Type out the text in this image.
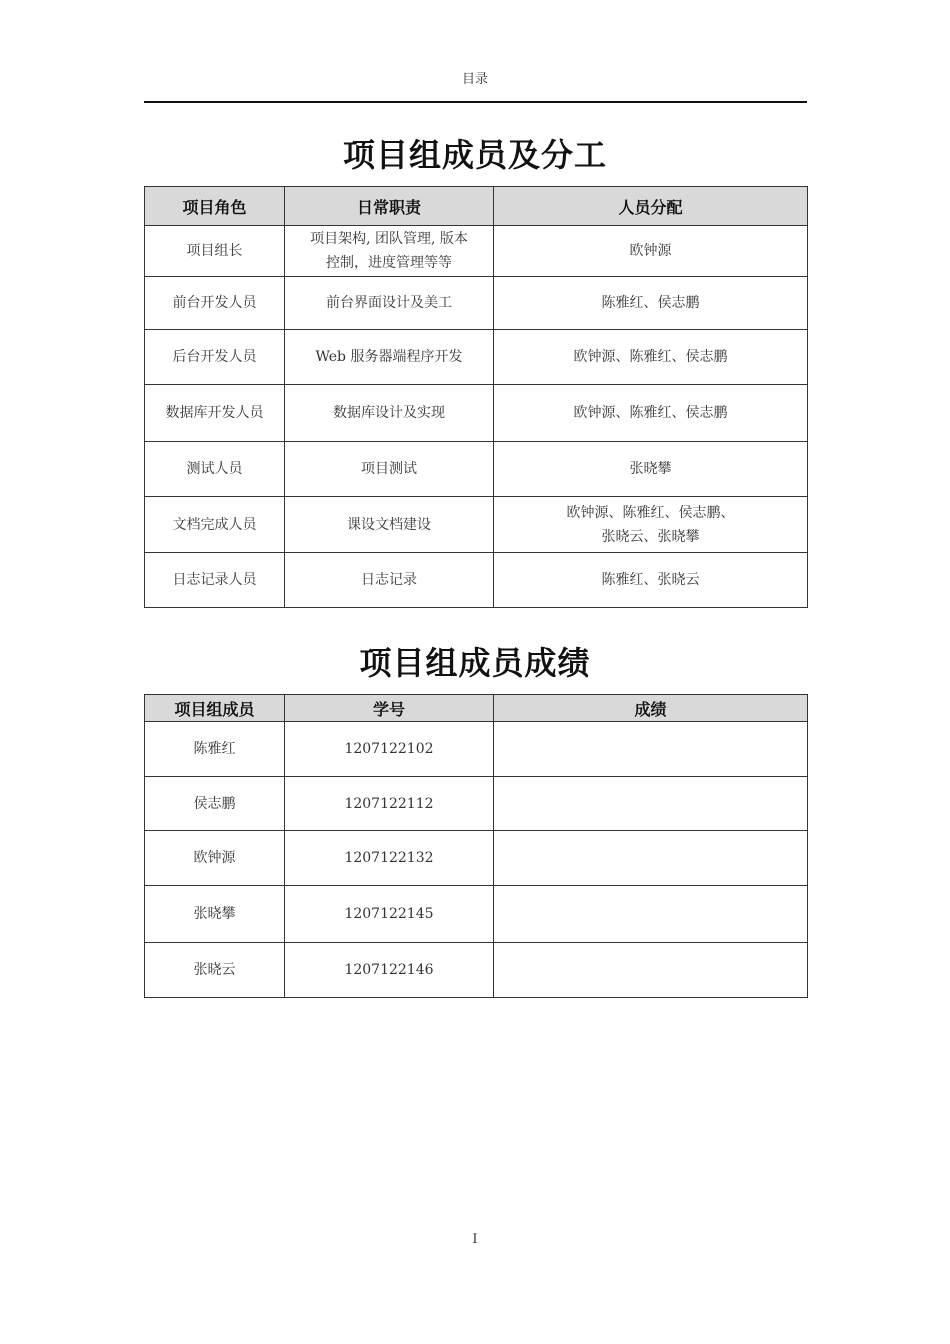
目录
项目组成员及分工
项目角色	日常职责	人员分配
项目组长	项目架构, 团队管理, 版本
控制，进度管理等等	欧钟源

前台开发人员	前台界面设计及美工	陈雅红、侯志鹏

后台开发人员	Web 服务器端程序开发	欧钟源、陈雅红、侯志鹏

数据库开发人员	数据库设计及实现	欧钟源、陈雅红、侯志鹏

测试人员	项目测试	张晓攀

文档完成人员	课设文档建设	欧钟源、陈雅红、侯志鹏、
张晓云、张晓攀

日志记录人员	日志记录	陈雅红、张晓云
项目组成员成绩
项目组成员	学号	成绩
陈雅红	1207122102	
侯志鹏	1207122112	
欧钟源	1207122132	
张晓攀	1207122145	
张晓云	1207122146	
I
